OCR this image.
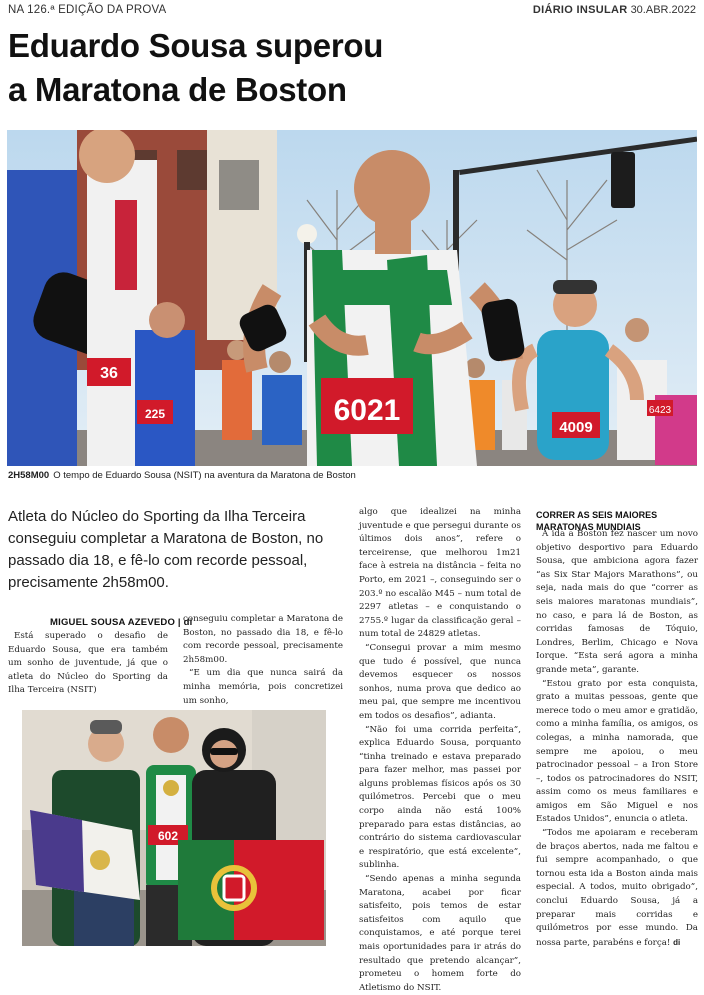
NA 126.ª EDIÇÃO DA PROVA	DIÁRIO INSULAR 30.ABR.2022
Eduardo Sousa superou
a Maratona de Boston
6423
4009
36
225	6021
2H58M00 O tempo de Eduardo Sousa (NSIT) na aventura da Maratona de Boston
Atleta do Núcleo do Sporting da Ilha Terceira conseguiu completar a Maratona de Boston, no passado dia 18, e fê-lo com recorde pessoal, precisamente 2h58m00.
MIGUEL SOUSA AZEVEDO | di

Está superado o desafio de Eduardo Sousa, que era também um sonho de juventude, já que o atleta do Núcleo do Sporting da Ilha Terceira (NSIT)

conseguiu completar a Maratona de Boston, no passado dia 18, e fê-lo com recorde pessoal, precisamente 2h58m00.

“E um dia que nunca sairá da minha memória, pois concretizei um sonho,

602

algo que idealizei na minha juventude e que persegui durante os últimos dois anos”, refere o terceirense, que melhorou 1m21 face à estreia na distância – feita no Porto, em 2021 –, conseguindo ser o 203.º no escalão M45 – num total de 2297 atletas – e conquistando o 2755.º lugar da classificação geral – num total de 24829 atletas.

“Consegui provar a mim mesmo que tudo é possível, que nunca devemos esquecer os nossos sonhos, numa prova que dedico ao meu pai, que sempre me incentivou em todos os desafios”, adianta.

“Não foi uma corrida perfeita”, explica Eduardo Sousa, porquanto “tinha treinado e estava preparado para fazer melhor, mas passei por alguns problemas físicos após os 30 quilómetros. Percebi que o meu corpo ainda não está 100% preparado para estas distâncias, ao contrário do sistema cardiovascular e respiratório, que está excelente”, sublinha.

“Sendo apenas a minha segunda Maratona, acabei por ficar satisfeito, pois temos de estar satisfeitos com aquilo que conquistamos, e até porque terei mais oportunidades para ir atrás do resultado que pretendo alcançar”, prometeu o homem forte do Atletismo do NSIT.

CORRER AS SEIS MAIORES MARATONAS MUNDIAIS

A ida a Boston fez nascer um novo objetivo desportivo para Eduardo Sousa, que ambiciona agora fazer “as Six Star Majors Marathons”, ou seja, nada mais do que “correr as seis maiores maratonas mundiais”, no caso, e para lá de Boston, as corridas famosas de Tóquio, Londres, Berlim, Chicago e Nova Iorque. “Esta será agora a minha grande meta”, garante.

“Estou grato por esta conquista, grato a muitas pessoas, gente que merece todo o meu amor e gratidão, como a minha família, os amigos, os colegas, a minha namorada, que sempre me apoiou, o meu patrocinador pessoal – a Iron Store –, todos os patrocinadores do NSIT, assim como os meus familiares e amigos em São Miguel e nos Estados Unidos”, enuncia o atleta.

“Todos me apoiaram e receberam de braços abertos, nada me faltou e fui sempre acompanhado, o que tornou esta ida a Boston ainda mais especial. A todos, muito obrigado”, conclui Eduardo Sousa, já a preparar mais corridas e quilómetros por esse mundo. Da nossa parte, parabéns e força! di
